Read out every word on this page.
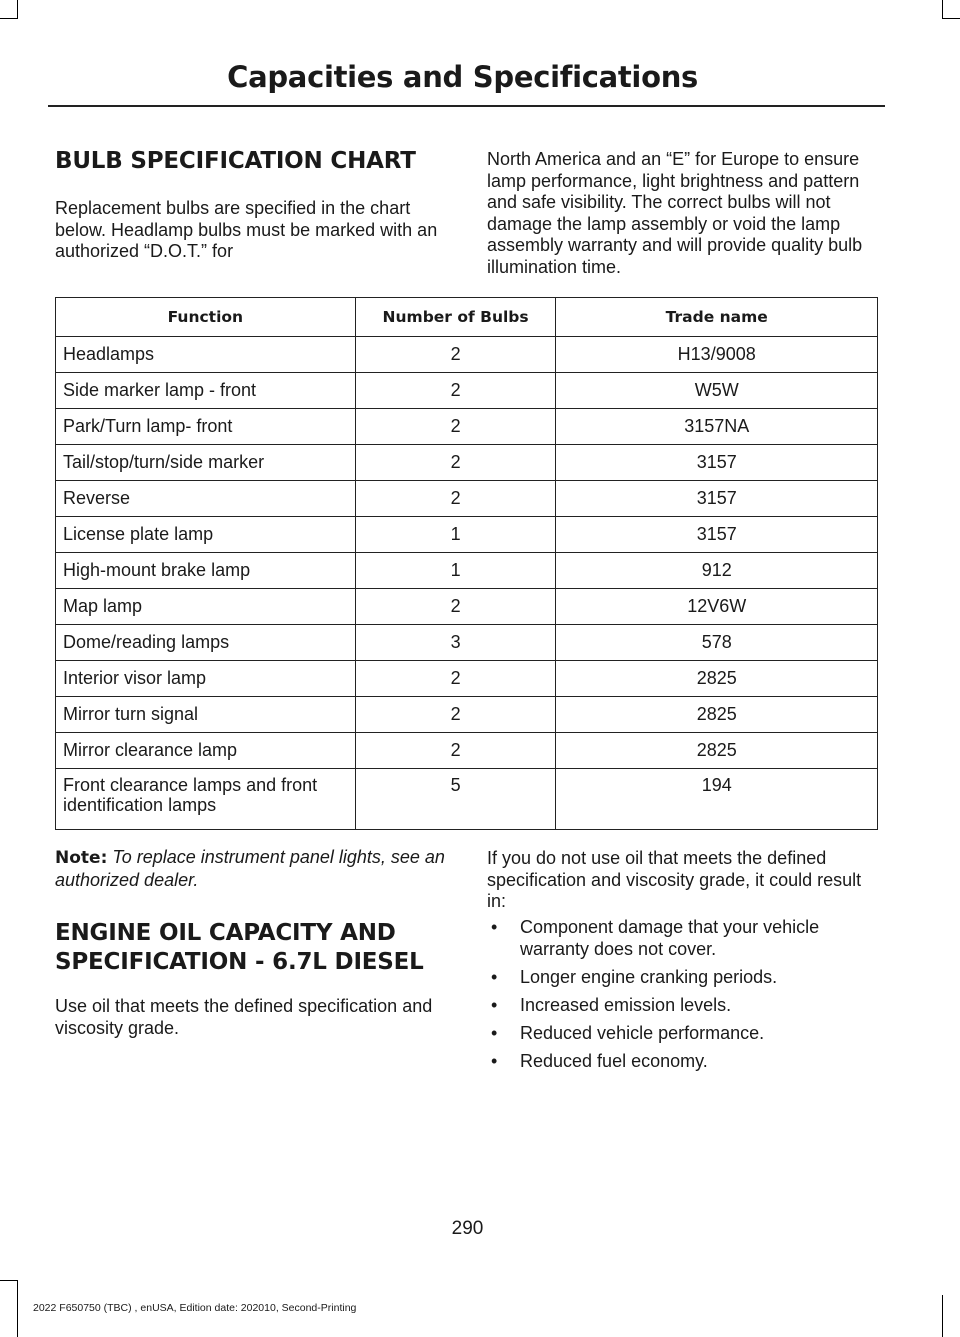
Capacities and Specifications
BULB SPECIFICATION CHART

Replacement bulbs are specified in the chart below. Headlamp bulbs must be marked with an authorized “D.O.T.” for

North America and an “E” for Europe to ensure lamp performance, light brightness and pattern and safe visibility. The correct bulbs will not damage the lamp assembly or void the lamp assembly warranty and will provide quality bulb illumination time.

Function	Number of Bulbs	Trade name
Headlamps	2	H13/9008
Side marker lamp - front	2	W5W
Park/Turn lamp- front	2	3157NA
Tail/stop/turn/side marker	2	3157
Reverse	2	3157
License plate lamp	1	3157
High-mount brake lamp	1	912
Map lamp	2	12V6W
Dome/reading lamps	3	578
Interior visor lamp	2	2825
Mirror turn signal	2	2825
Mirror clearance lamp	2	2825
Front clearance lamps and front identification lamps	5	194

Note: To replace instrument panel lights, see an authorized dealer.

ENGINE OIL CAPACITY AND
SPECIFICATION - 6.7L DIESEL

Use oil that meets the defined specification and viscosity grade.

If you do not use oil that meets the defined specification and viscosity grade, it could result in:

• Component damage that your vehicle warranty does not cover.
• Longer engine cranking periods.
• Increased emission levels.
• Reduced vehicle performance.
• Reduced fuel economy.
290
2022 F650750 (TBC) , enUSA, Edition date: 202010, Second-Printing
